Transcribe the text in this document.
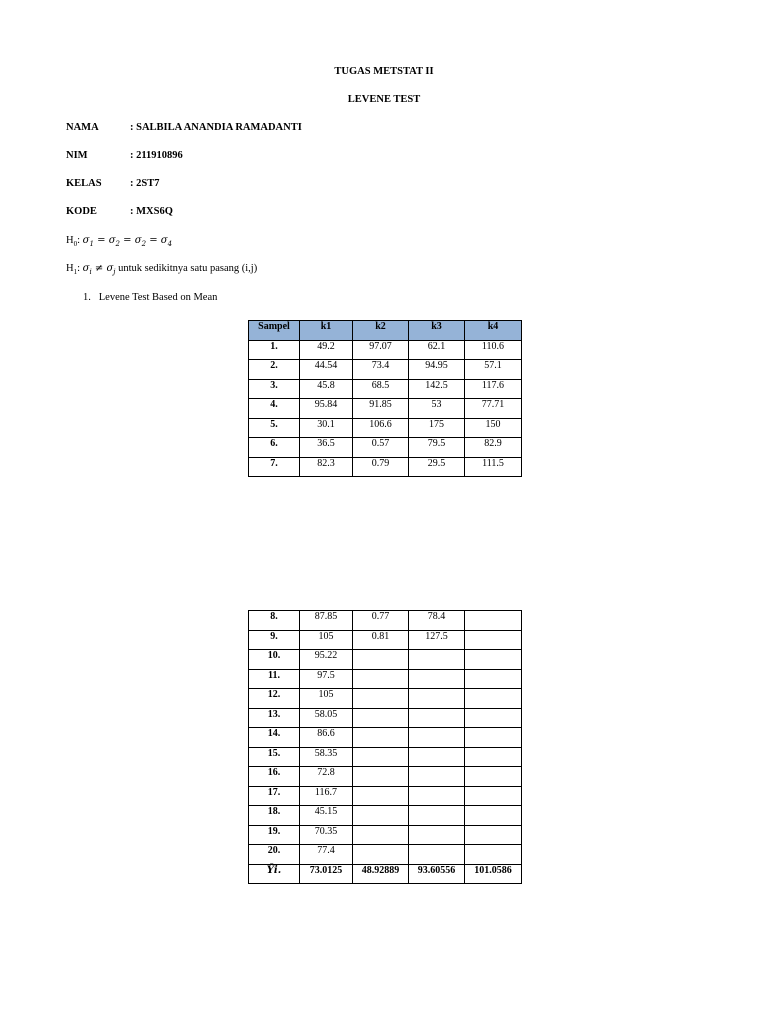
TUGAS METSTAT II
LEVENE TEST
NAMA	: SALBILA ANANDIA RAMADANTI
NIM	: 211910896
KELAS	: 2ST7
KODE	: MXS6Q
$H_0$: $\sigma_1 = \sigma_2 = \sigma_2 = \sigma_4$
$H_1$: $\sigma_i \ne \sigma_j$ untuk sedikitnya satu pasang (i,j)
1.   Levene Test Based on Mean
Sampel	k1	k2	k3	k4
1.	49.2	97.07	62.1	110.6
2.	44.54	73.4	94.95	57.1
3.	45.8	68.5	142.5	117.6
4.	95.84	91.85	53	77.71
5.	30.1	106.6	175	150
6.	36.5	0.57	79.5	82.9
7.	82.3	0.79	29.5	111.5
8.	87.85	0.77	78.4	
9.	105	0.81	127.5	
10.	95.22			
11.	97.5			
12.	105			
13.	58.05			
14.	86.6			
15.	58.35			
16.	72.8			
17.	116.7			
18.	45.15			
19.	70.35			
20.	77.4			
Ȳi.	73.0125	48.92889	93.60556	101.0586
